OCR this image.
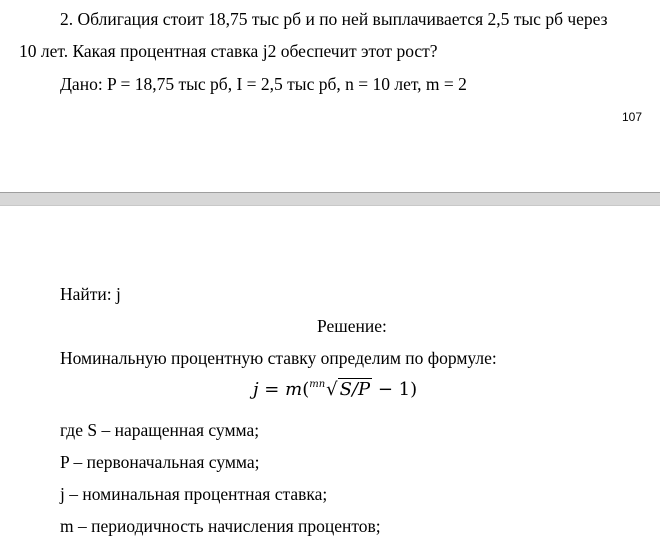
2. Облигация стоит 18,75 тыс рб и по ней выплачивается 2,5 тыс рб через
10 лет. Какая процентная ставка j2 обеспечит этот рост?
Дано: P = 18,75 тыс рб, I = 2,5 тыс рб, n = 10 лет, m = 2
107
Найти: j
Решение:
Номинальную процентную ставку определим по формуле:
j = m($^{mn}$√ S/P − 1)
где S – наращенная сумма;
P – первоначальная сумма;
j – номинальная процентная ставка;
m – периодичность начисления процентов;
